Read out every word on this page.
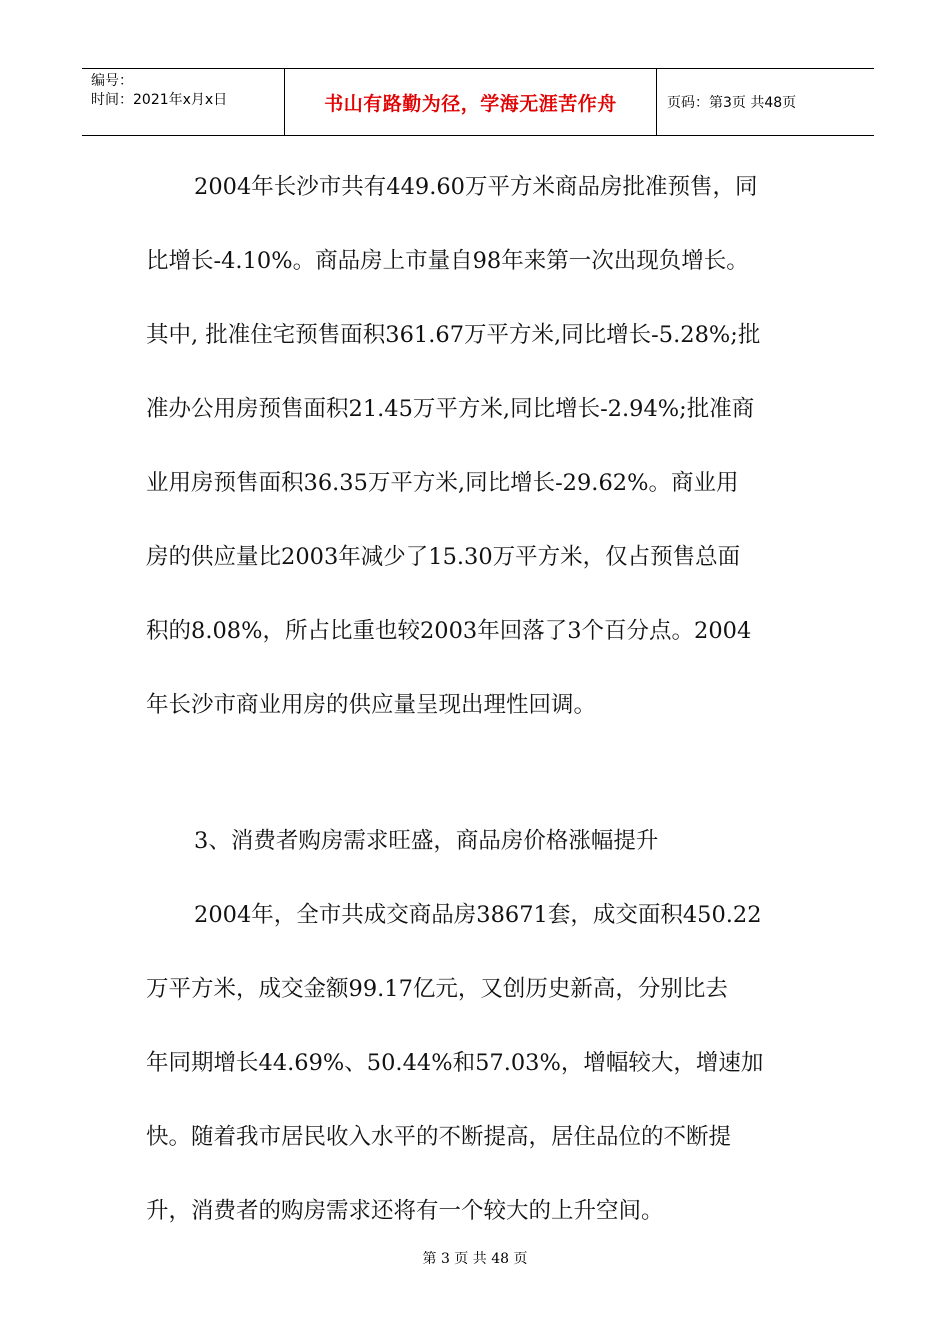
编号：
时间：2021年x月x日	书山有路勤为径，学海无涯苦作舟	页码：第3页 共48页
2004年长沙市共有449.60万平方米商品房批准预售，同
比增长-4.10%。商品房上市量自98年来第一次出现负增长。
其中, 批准住宅预售面积361.67万平方米,同比增长-5.28%;批
准办公用房预售面积21.45万平方米,同比增长-2.94%;批准商
业用房预售面积36.35万平方米,同比增长-29.62%。商业用
房的供应量比2003年减少了15.30万平方米，仅占预售总面
积的8.08%，所占比重也较2003年回落了3个百分点。2004
年长沙市商业用房的供应量呈现出理性回调。
3、消费者购房需求旺盛，商品房价格涨幅提升
2004年，全市共成交商品房38671套，成交面积450.22
万平方米，成交金额99.17亿元，又创历史新高，分别比去
年同期增长44.69%、50.44%和57.03%，增幅较大，增速加
快。随着我市居民收入水平的不断提高，居住品位的不断提
升，消费者的购房需求还将有一个较大的上升空间。
第 3 页 共 48 页
